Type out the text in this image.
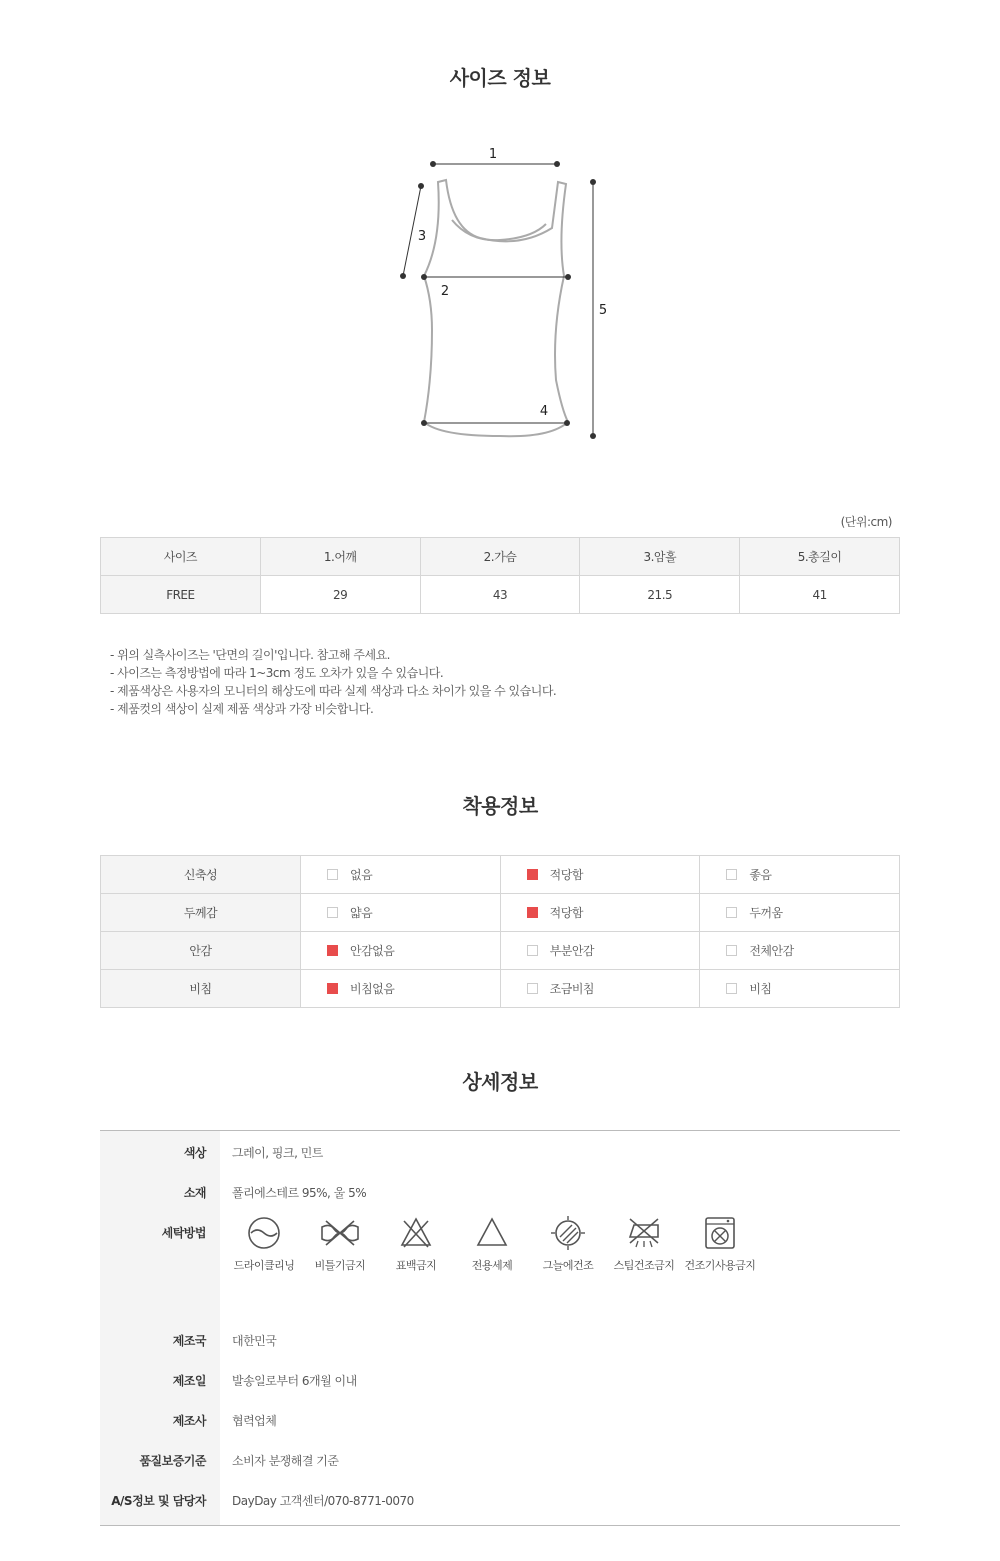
사이즈 정보
1
3
2
4
5
(단위:cm)
사이즈	1.어깨	2.가슴	3.암홀	5.총길이
FREE	29	43	21.5	41
- 위의 실측사이즈는 '단면의 길이'입니다. 참고해 주세요.
- 사이즈는 측정방법에 따라 1~3cm 정도 오차가 있을 수 있습니다.
- 제품색상은 사용자의 모니터의 해상도에 따라 실제 색상과 다소 차이가 있을 수 있습니다.
- 제품컷의 색상이 실제 제품 색상과 가장 비슷합니다.
착용정보
신축성	없음	적당함	좋음

두께감	얇음	적당함	두꺼움

안감	안감없음	부분안감	전체안감

비침	비침없음	조금비침	비침
상세정보
색상	그레이, 핑크, 민트
소재	폴리에스테르 95%, 울 5%
세탁방법
드라이클리닝	비틀기금지	표백금지	전용세제	그늘에건조	스팀건조금지 건조기사용금지
제조국	대한민국
제조일	발송일로부터 6개월 이내
제조사	협력업체
품질보증기준	소비자 분쟁해결 기준
A/S정보 및 담당자	DayDay 고객센터/070-8771-0070
